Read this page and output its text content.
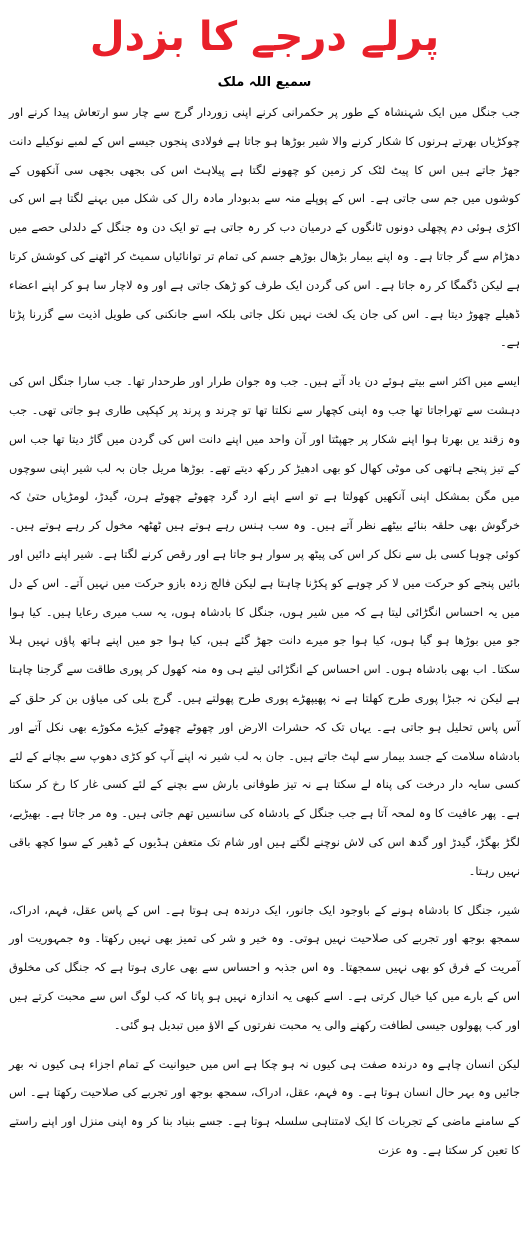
پرلے درجے کا بزدل
سمیع اللہ ملک

جب جنگل میں ایک شہنشاہ کے طور پر حکمرانی کرنے اپنی زوردار گرج سے چار سو ارتعاش پیدا کرنے اور چوکڑیاں بھرتے ہرنوں کا شکار کرنے والا شیر بوڑھا ہو جاتا ہے فولادی پنجوں جیسے اس کے لمبے نوکیلے دانت جھڑ جاتے ہیں اس کا پیٹ لٹک کر زمین کو چھونے لگتا ہے پیلاہٹ اس کی بجھی بجھی سی آنکھوں کے کوشوں میں جم سی جاتی ہے۔ اس کے پوپلے منہ سے بدبودار مادہ رال کی شکل میں بہنے لگتا ہے اس کی اکڑی ہوئی دم پچھلی دونوں ٹانگوں کے درمیان دب کر رہ جاتی ہے تو ایک دن وہ جنگل کے دلدلی حصے میں دھڑام سے گر جاتا ہے۔ وہ اپنے بیمار بڑھال بوڑھے جسم کی تمام تر توانائیاں سمیٹ کر اٹھنے کی کوشش کرتا ہے لیکن ڈگمگا کر رہ جاتا ہے۔ اس کی گردن ایک طرف کو ڑھک جاتی ہے اور وہ لاچار سا ہو کر اپنے اعضاء ڈھیلے چھوڑ دیتا ہے۔ اس کی جان یک لخت نہیں نکل جاتی بلکہ اسے جانکنی کی طویل اذیت سے گزرنا پڑتا ہے۔

ایسے میں اکثر اسے بیتے ہوئے دن یاد آتے ہیں۔ جب وہ جوان طرار اور طرحدار تھا۔ جب سارا جنگل اس کی دہشت سے تھراجاتا تھا جب وہ اپنی کچھار سے نکلتا تھا تو چرند و پرند پر کپکپی طاری ہو جاتی تھی۔ جب وہ زقند یں بھرتا ہوا اپنے شکار پر جھپٹتا اور آن واحد میں اپنے دانت اس کی گردن میں گاڑ دیتا تھا جب اس کے تیز پنجے ہاتھی کی موٹی کھال کو بھی ادھیڑ کر رکھ دیتے تھے۔ بوڑھا مریل جان بہ لب شیر اپنی سوچوں میں مگن بمشکل اپنی آنکھیں کھولتا ہے تو اسے اپنے ارد گرد چھوٹے چھوٹے ہرن، گیدڑ، لومڑیاں حتیٰ کہ خرگوش بھی حلقہ بنائے بیٹھے نظر آتے ہیں۔ وہ سب ہنس رہے ہوتے ہیں ٹھٹھہ مخول کر رہے ہوتے ہیں۔ کوئی چوہا کسی بل سے نکل کر اس کی پیٹھ پر سوار ہو جاتا ہے اور رقص کرنے لگتا ہے۔ شیر اپنے دائیں اور بائیں پنجے کو حرکت میں لا کر چوہے کو پکڑنا چاہتا ہے لیکن فالج زدہ بازو حرکت میں نہیں آتے۔ اس کے دل میں یہ احساس انگڑائی لیتا ہے کہ میں شیر ہوں، جنگل کا بادشاہ ہوں، یہ سب میری رعایا ہیں۔ کیا ہوا جو میں بوڑھا ہو گیا ہوں، کیا ہوا جو میرے دانت جھڑ گئے ہیں، کیا ہوا جو میں اپنے ہاتھ پاؤں نہیں ہلا سکتا۔ اب بھی بادشاہ ہوں۔ اس احساس کے انگڑائی لیتے ہی وہ منہ کھول کر پوری طاقت سے گرجنا چاہتا ہے لیکن نہ جبڑا پوری طرح کھلتا ہے نہ پھیپھڑے پوری طرح پھولتے ہیں۔ گرج بلی کی میاؤں بن کر حلق کے آس پاس تحلیل ہو جاتی ہے۔ یہاں تک کہ حشرات الارض اور چھوٹے چھوٹے کیڑے مکوڑے بھی نکل آتے اور بادشاہ سلامت کے جسد بیمار سے لپٹ جاتے ہیں۔ جان بہ لب شیر نہ اپنے آپ کو کڑی دھوپ سے بچانے کے لئے کسی سایہ دار درخت کی پناہ لے سکتا ہے نہ تیز طوفانی بارش سے بچنے کے لئے کسی غار کا رخ کر سکتا ہے۔ پھر عافیت کا وہ لمحہ آتا ہے جب جنگل کے بادشاہ کی سانسیں تھم جاتی ہیں۔ وہ مر جاتا ہے۔ بھیڑیے، لگڑ بھگڑ، گیدڑ اور گدھ اس کی لاش نوچنے لگتے ہیں اور شام تک متعفن ہڈیوں کے ڈھیر کے سوا کچھ باقی نہیں رہتا۔

شیر، جنگل کا بادشاہ ہونے کے باوجود ایک جانور، ایک درندہ ہی ہوتا ہے۔ اس کے پاس عقل، فہم، ادراک، سمجھ بوجھ اور تجربے کی صلاحیت نہیں ہوتی۔ وہ خیر و شر کی تمیز بھی نہیں رکھتا۔ وہ جمہوریت اور آمریت کے فرق کو بھی نہیں سمجھتا۔ وہ اس جذبہ و احساس سے بھی عاری ہوتا ہے کہ جنگل کی مخلوق اس کے بارے میں کیا خیال کرتی ہے۔ اسے کبھی یہ اندازہ نہیں ہو پاتا کہ کب لوگ اس سے محبت کرتے ہیں اور کب پھولوں جیسی لطافت رکھنے والی یہ محبت نفرتوں کے الاؤ میں تبدیل ہو گئی۔

لیکن انسان چاہے وہ درندہ صفت ہی کیوں نہ ہو چکا ہے اس میں حیوانیت کے تمام اجزاء ہی کیوں نہ بھر جائیں وہ بہر حال انسان ہوتا ہے۔ وہ فہم، عقل، ادراک، سمجھ بوجھ اور تجربے کی صلاحیت رکھتا ہے۔ اس کے سامنے ماضی کے تجربات کا ایک لامتناہی سلسلہ ہوتا ہے۔ جسے بنیاد بنا کر وہ اپنی منزل اور اپنے راستے کا تعین کر سکتا ہے۔ وہ عزت
